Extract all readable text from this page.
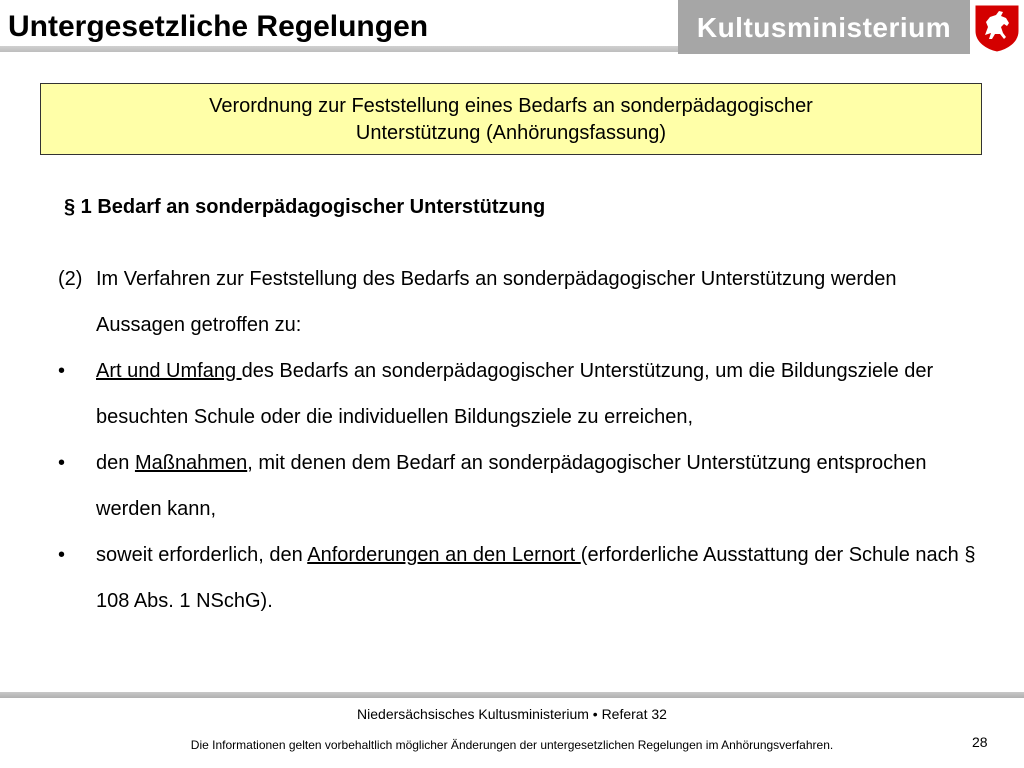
Untergesetzliche Regelungen	Kultusministerium
Verordnung zur Feststellung eines Bedarfs an sonderpädagogischer
Unterstützung (Anhörungsfassung)
§ 1 Bedarf an sonderpädagogischer Unterstützung
(2) Im Verfahren zur Feststellung des Bedarfs an sonderpädagogischer Unterstützung werden Aussagen getroffen zu:
• Art und Umfang des Bedarfs an sonderpädagogischer Unterstützung, um die Bildungsziele der besuchten Schule oder die individuellen Bildungsziele zu erreichen,
• den Maßnahmen, mit denen dem Bedarf an sonderpädagogischer Unterstützung entsprochen werden kann,
• soweit erforderlich, den Anforderungen an den Lernort (erforderliche Ausstattung der Schule nach § 108 Abs. 1 NSchG).
Niedersächsisches Kultusministerium • Referat 32
Die Informationen gelten vorbehaltlich möglicher Änderungen der untergesetzlichen Regelungen im Anhörungsverfahren.	28
